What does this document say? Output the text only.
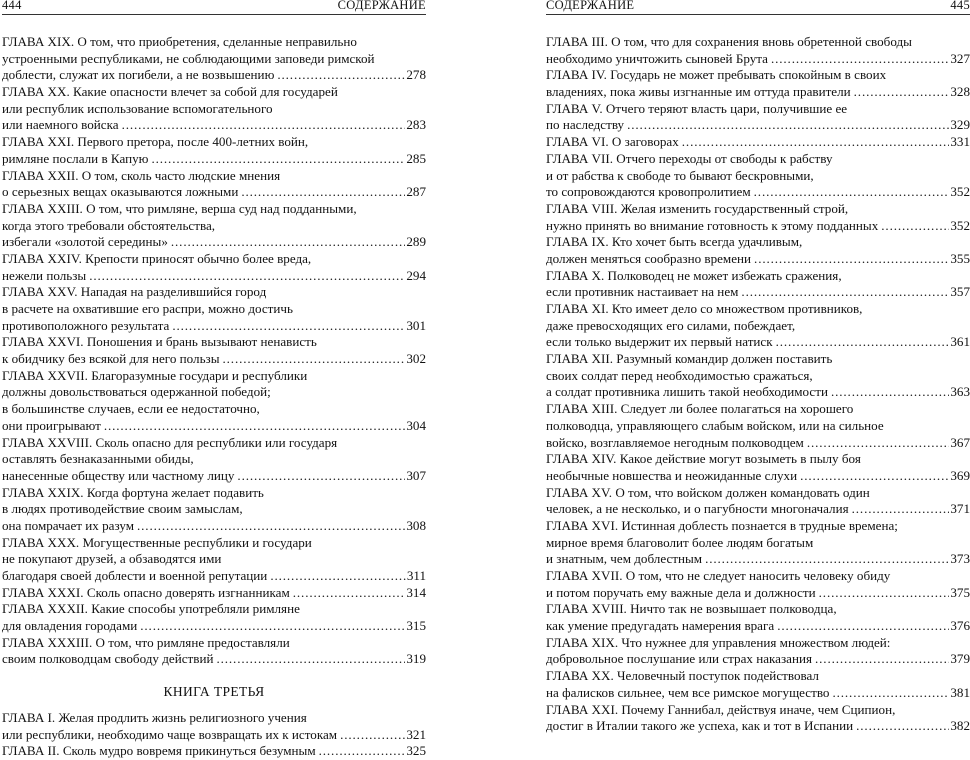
444	СОДЕРЖАНИЕ
ГЛАВА XIX. О том, что приобретения, сделанные неправильно
устроенными республиками, не соблюдающими заповеди римской
доблести, служат их погибели, а не возвышению . . .	278
ГЛАВА XX. Какие опасности влечет за собой для государей
или республик использование вспомогательного
или наемного войска . . .	283
ГЛАВА XXI. Первого претора, после 400-летних войн,
римляне послали в Капую . . .	285
ГЛАВА XXII. О том, сколь часто людские мнения
о серьезных вещах оказываются ложными . . .	287
ГЛАВА XXIII. О том, что римляне, верша суд над подданными,
когда этого требовали обстоятельства,
избегали «золотой середины» . . .	289
ГЛАВА XXIV. Крепости приносят обычно более вреда,
нежели пользы . . .	294
ГЛАВА XXV. Нападая на разделившийся город
в расчете на охватившие его распри, можно достичь
противоположного результата . . .	301
ГЛАВА XXVI. Поношения и брань вызывают ненависть
к обидчику без всякой для него пользы . . .	302
ГЛАВА XXVII. Благоразумные государи и республики
должны довольствоваться одержанной победой;
в большинстве случаев, если ее недостаточно,
они проигрывают . . .	304
ГЛАВА XXVIII. Сколь опасно для республики или государя
оставлять безнаказанными обиды,
нанесенные обществу или частному лицу . . .	307
ГЛАВА XXIX. Когда фортуна желает подавить
в людях противодействие своим замыслам,
она помрачает их разум . . .	308
ГЛАВА XXX. Могущественные республики и государи
не покупают друзей, а обзаводятся ими
благодаря своей доблести и военной репутации . . .	311
ГЛАВА XXXI. Сколь опасно доверять изгнанникам . . .	314
ГЛАВА XXXII. Какие способы употребляли римляне
для овладения городами . . .	315
ГЛАВА XXXIII. О том, что римляне предоставляли
своим полководцам свободу действий . . .	319
КНИГА ТРЕТЬЯ
ГЛАВА I. Желая продлить жизнь религиозного учения
или республики, необходимо чаще возвращать их к истокам . . .	321
ГЛАВА II. Сколь мудро вовремя прикинуться безумным . . .	325
СОДЕРЖАНИЕ	445
ГЛАВА III. О том, что для сохранения вновь обретенной свободы
необходимо уничтожить сыновей Брута . . .	327
ГЛАВА IV. Государь не может пребывать спокойным в своих
владениях, пока живы изгнанные им оттуда правители . . .	328
ГЛАВА V. Отчего теряют власть цари, получившие ее
по наследству . . .	329
ГЛАВА VI. О заговорах . . .	331
ГЛАВА VII. Отчего переходы от свободы к рабству
и от рабства к свободе то бывают бескровными,
то сопровождаются кровопролитием . . .	352
ГЛАВА VIII. Желая изменить государственный строй,
нужно принять во внимание готовность к этому подданных . . .	352
ГЛАВА IX. Кто хочет быть всегда удачливым,
должен меняться сообразно времени . . .	355
ГЛАВА X. Полководец не может избежать сражения,
если противник настаивает на нем . . .	357
ГЛАВА XI. Кто имеет дело со множеством противников,
даже превосходящих его силами, побеждает,
если только выдержит их первый натиск . . .	361
ГЛАВА XII. Разумный командир должен поставить
своих солдат перед необходимостью сражаться,
а солдат противника лишить такой необходимости . . .	363
ГЛАВА XIII. Следует ли более полагаться на хорошего
полководца, управляющего слабым войском, или на сильное
войско, возглавляемое негодным полководцем . . .	367
ГЛАВА XIV. Какое действие могут возыметь в пылу боя
необычные новшества и неожиданные слухи . . .	369
ГЛАВА XV. О том, что войском должен командовать один
человек, а не несколько, и о пагубности многоначалия . . .	371
ГЛАВА XVI. Истинная доблесть познается в трудные времена;
мирное время благоволит более людям богатым
и знатным, чем доблестным . . .	373
ГЛАВА XVII. О том, что не следует наносить человеку обиду
и потом поручать ему важные дела и должности . . .	375
ГЛАВА XVIII. Ничто так не возвышает полководца,
как умение предугадать намерения врага . . .	376
ГЛАВА XIX. Что нужнее для управления множеством людей:
добровольное послушание или страх наказания . . .	379
ГЛАВА XX. Человечный поступок подействовал
на фалисков сильнее, чем все римское могущество . . .	381
ГЛАВА XXI. Почему Ганнибал, действуя иначе, чем Сципион,
достиг в Италии такого же успеха, как и тот в Испании . . .	382
